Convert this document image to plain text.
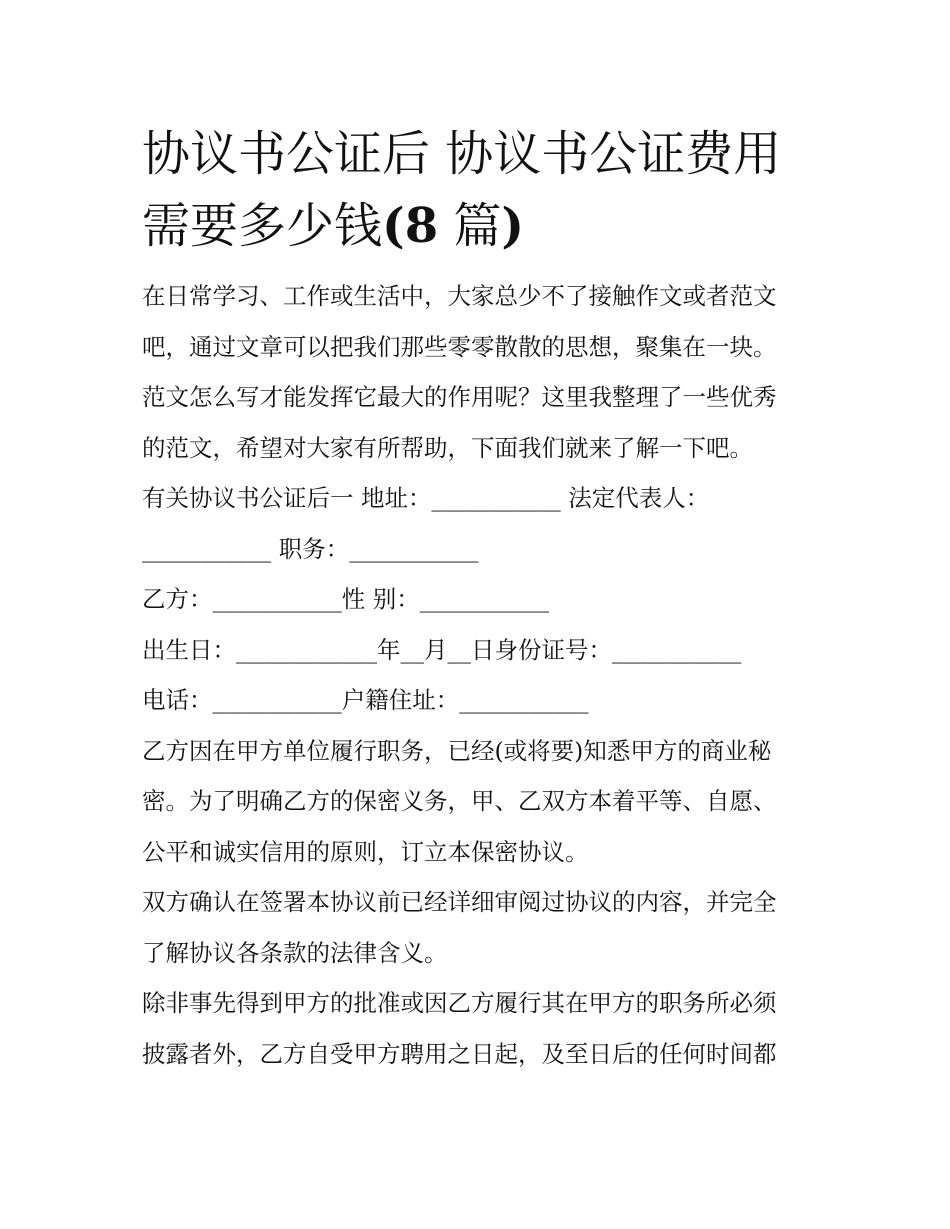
协议书公证后 协议书公证费用
需要多少钱(8 篇)
在日常学习、工作或生活中，大家总少不了接触作文或者范文
吧，通过文章可以把我们那些零零散散的思想，聚集在一块。
范文怎么写才能发挥它最大的作用呢？这里我整理了一些优秀
的范文，希望对大家有所帮助，下面我们就来了解一下吧。
有关协议书公证后一 地址：___________ 法定代表人：
___________ 职务：___________
乙方：___________性 别：___________
出生日：____________年__月__日身份证号：___________
电话：___________户籍住址：___________
乙方因在甲方单位履行职务，已经(或将要)知悉甲方的商业秘
密。为了明确乙方的保密义务，甲、乙双方本着平等、自愿、
公平和诚实信用的原则，订立本保密协议。
双方确认在签署本协议前已经详细审阅过协议的内容，并完全
了解协议各条款的法律含义。
除非事先得到甲方的批准或因乙方履行其在甲方的职务所必须
披露者外，乙方自受甲方聘用之日起，及至日后的任何时间都
